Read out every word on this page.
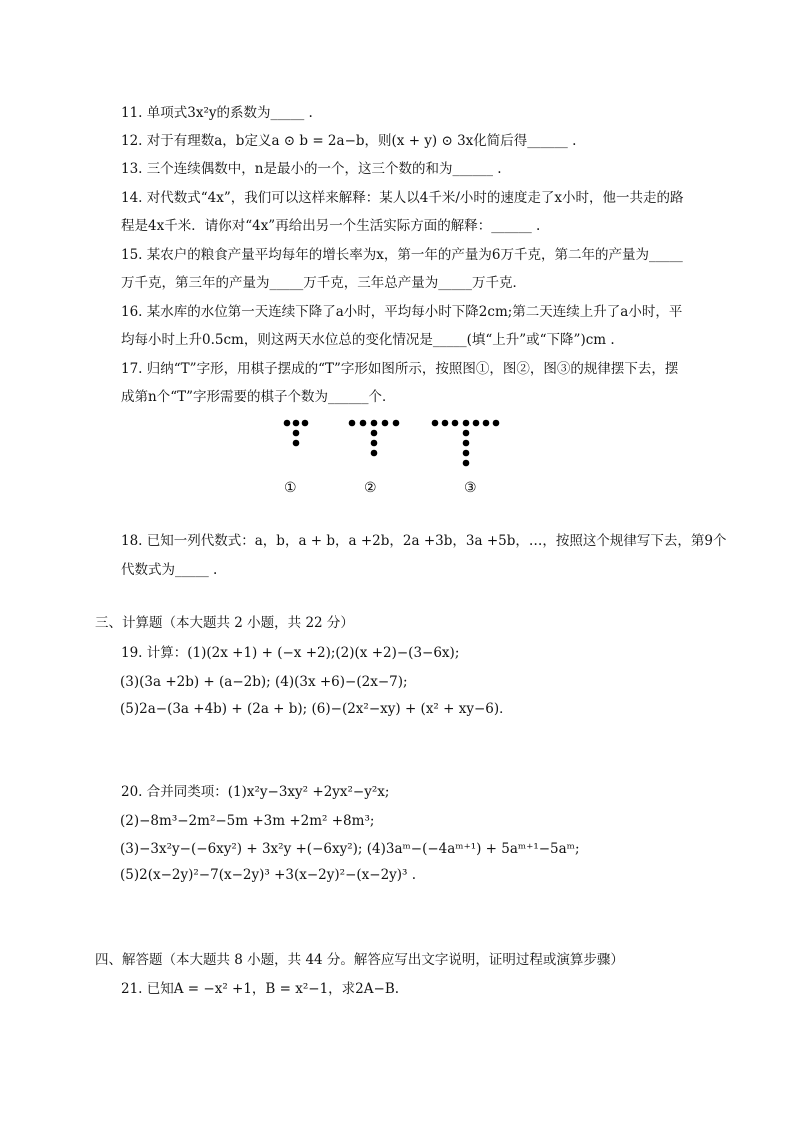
11. 单项式3x²y的系数为_____ .
12. 对于有理数a，b定义a ⊙ b = 2a−b，则(x + y) ⊙ 3x化简后得______ .
13. 三个连续偶数中，n是最小的一个，这三个数的和为______ .
14. 对代数式“4x”，我们可以这样来解释：某人以4千米/小时的速度走了x小时，他一共走的路
程是4x千米．请你对“4x”再给出另一个生活实际方面的解释：______ .
15. 某农户的粮食产量平均每年的增长率为x，第一年的产量为6万千克，第二年的产量为_____
万千克，第三年的产量为_____万千克，三年总产量为_____万千克．
16. 某水库的水位第一天连续下降了a小时，平均每小时下降2cm;第二天连续上升了a小时，平
均每小时上升0.5cm，则这两天水位总的变化情况是_____(填“上升”或“下降”)cm .
17. 归纳“T”字形，用棋子摆成的“T”字形如图所示，按照图①，图②，图③的规律摆下去，摆
成第n个“T”字形需要的棋子个数为______个．
①	②	③
18. 已知一列代数式：a，b，a + b，a +2b，2a +3b，3a +5b，…，按照这个规律写下去，第9个
代数式为_____ .
三、计算题（本大题共 2 小题，共 22 分）
19. 计算：(1)(2x +1) + (−x +2);(2)(x +2)−(3−6x);
(3)(3a +2b) + (a−2b); (4)(3x +6)−(2x−7);
(5)2a−(3a +4b) + (2a + b); (6)−(2x²−xy) + (x² + xy−6)．
20. 合并同类项：(1)x²y−3xy² +2yx²−y²x;
(2)−8m³−2m²−5m +3m +2m² +8m³;
(3)−3x²y−(−6xy²) + 3x²y +(−6xy²); (4)3aᵐ−(−4aᵐ⁺¹) + 5aᵐ⁺¹−5aᵐ;
(5)2(x−2y)²−7(x−2y)³ +3(x−2y)²−(x−2y)³ .
四、解答题（本大题共 8 小题，共 44 分。解答应写出文字说明，证明过程或演算步骤）
21. 已知A = −x² +1，B = x²−1，求2A−B.
